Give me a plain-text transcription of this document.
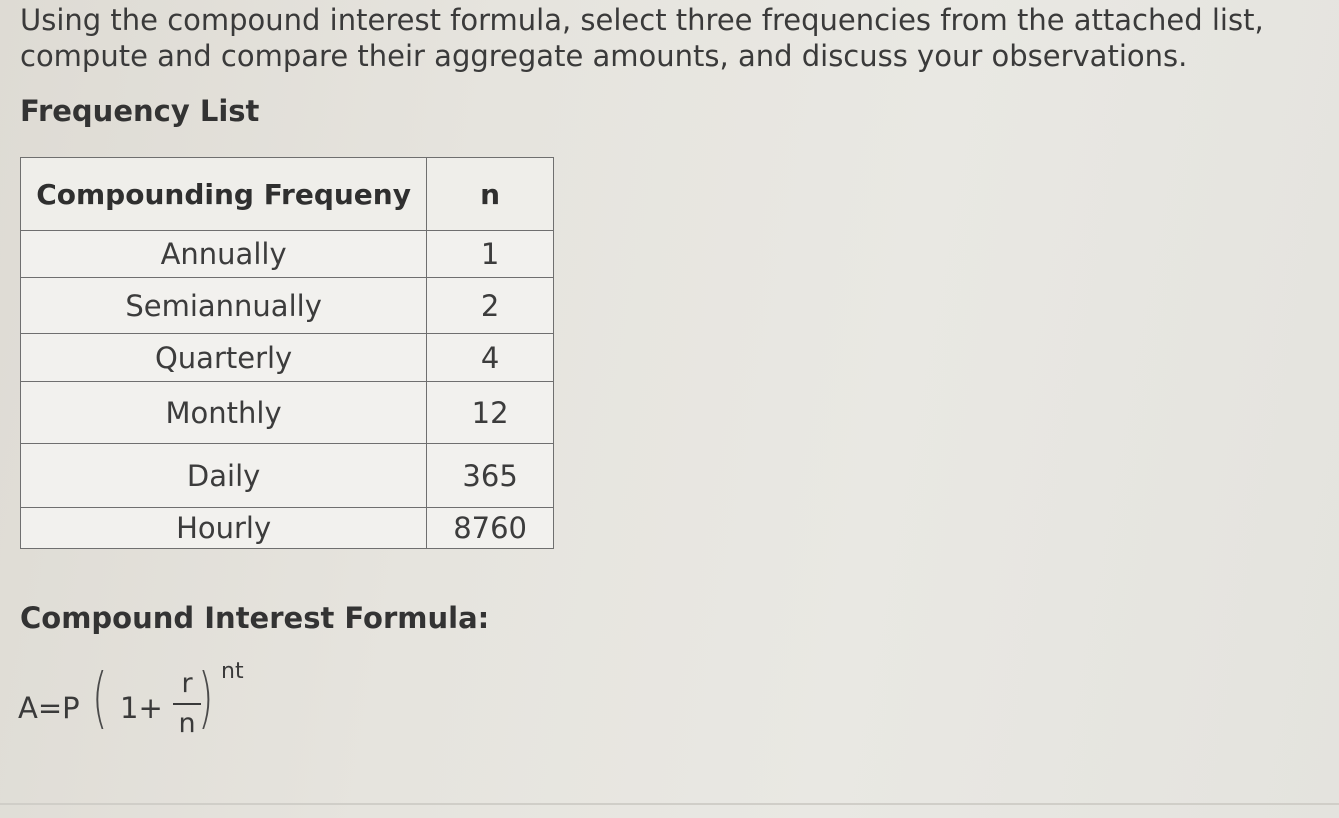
Using the compound interest formula, select three frequencies from the attached list, compute and compare their aggregate amounts, and discuss your observations.

Frequency List
Compounding Frequeny	n
Annually	1
Semiannually	2
Quarterly	4
Monthly	12
Daily	365
Hourly	8760
Compound Interest Formula:
A=P ( 1+
r
n ) nt
